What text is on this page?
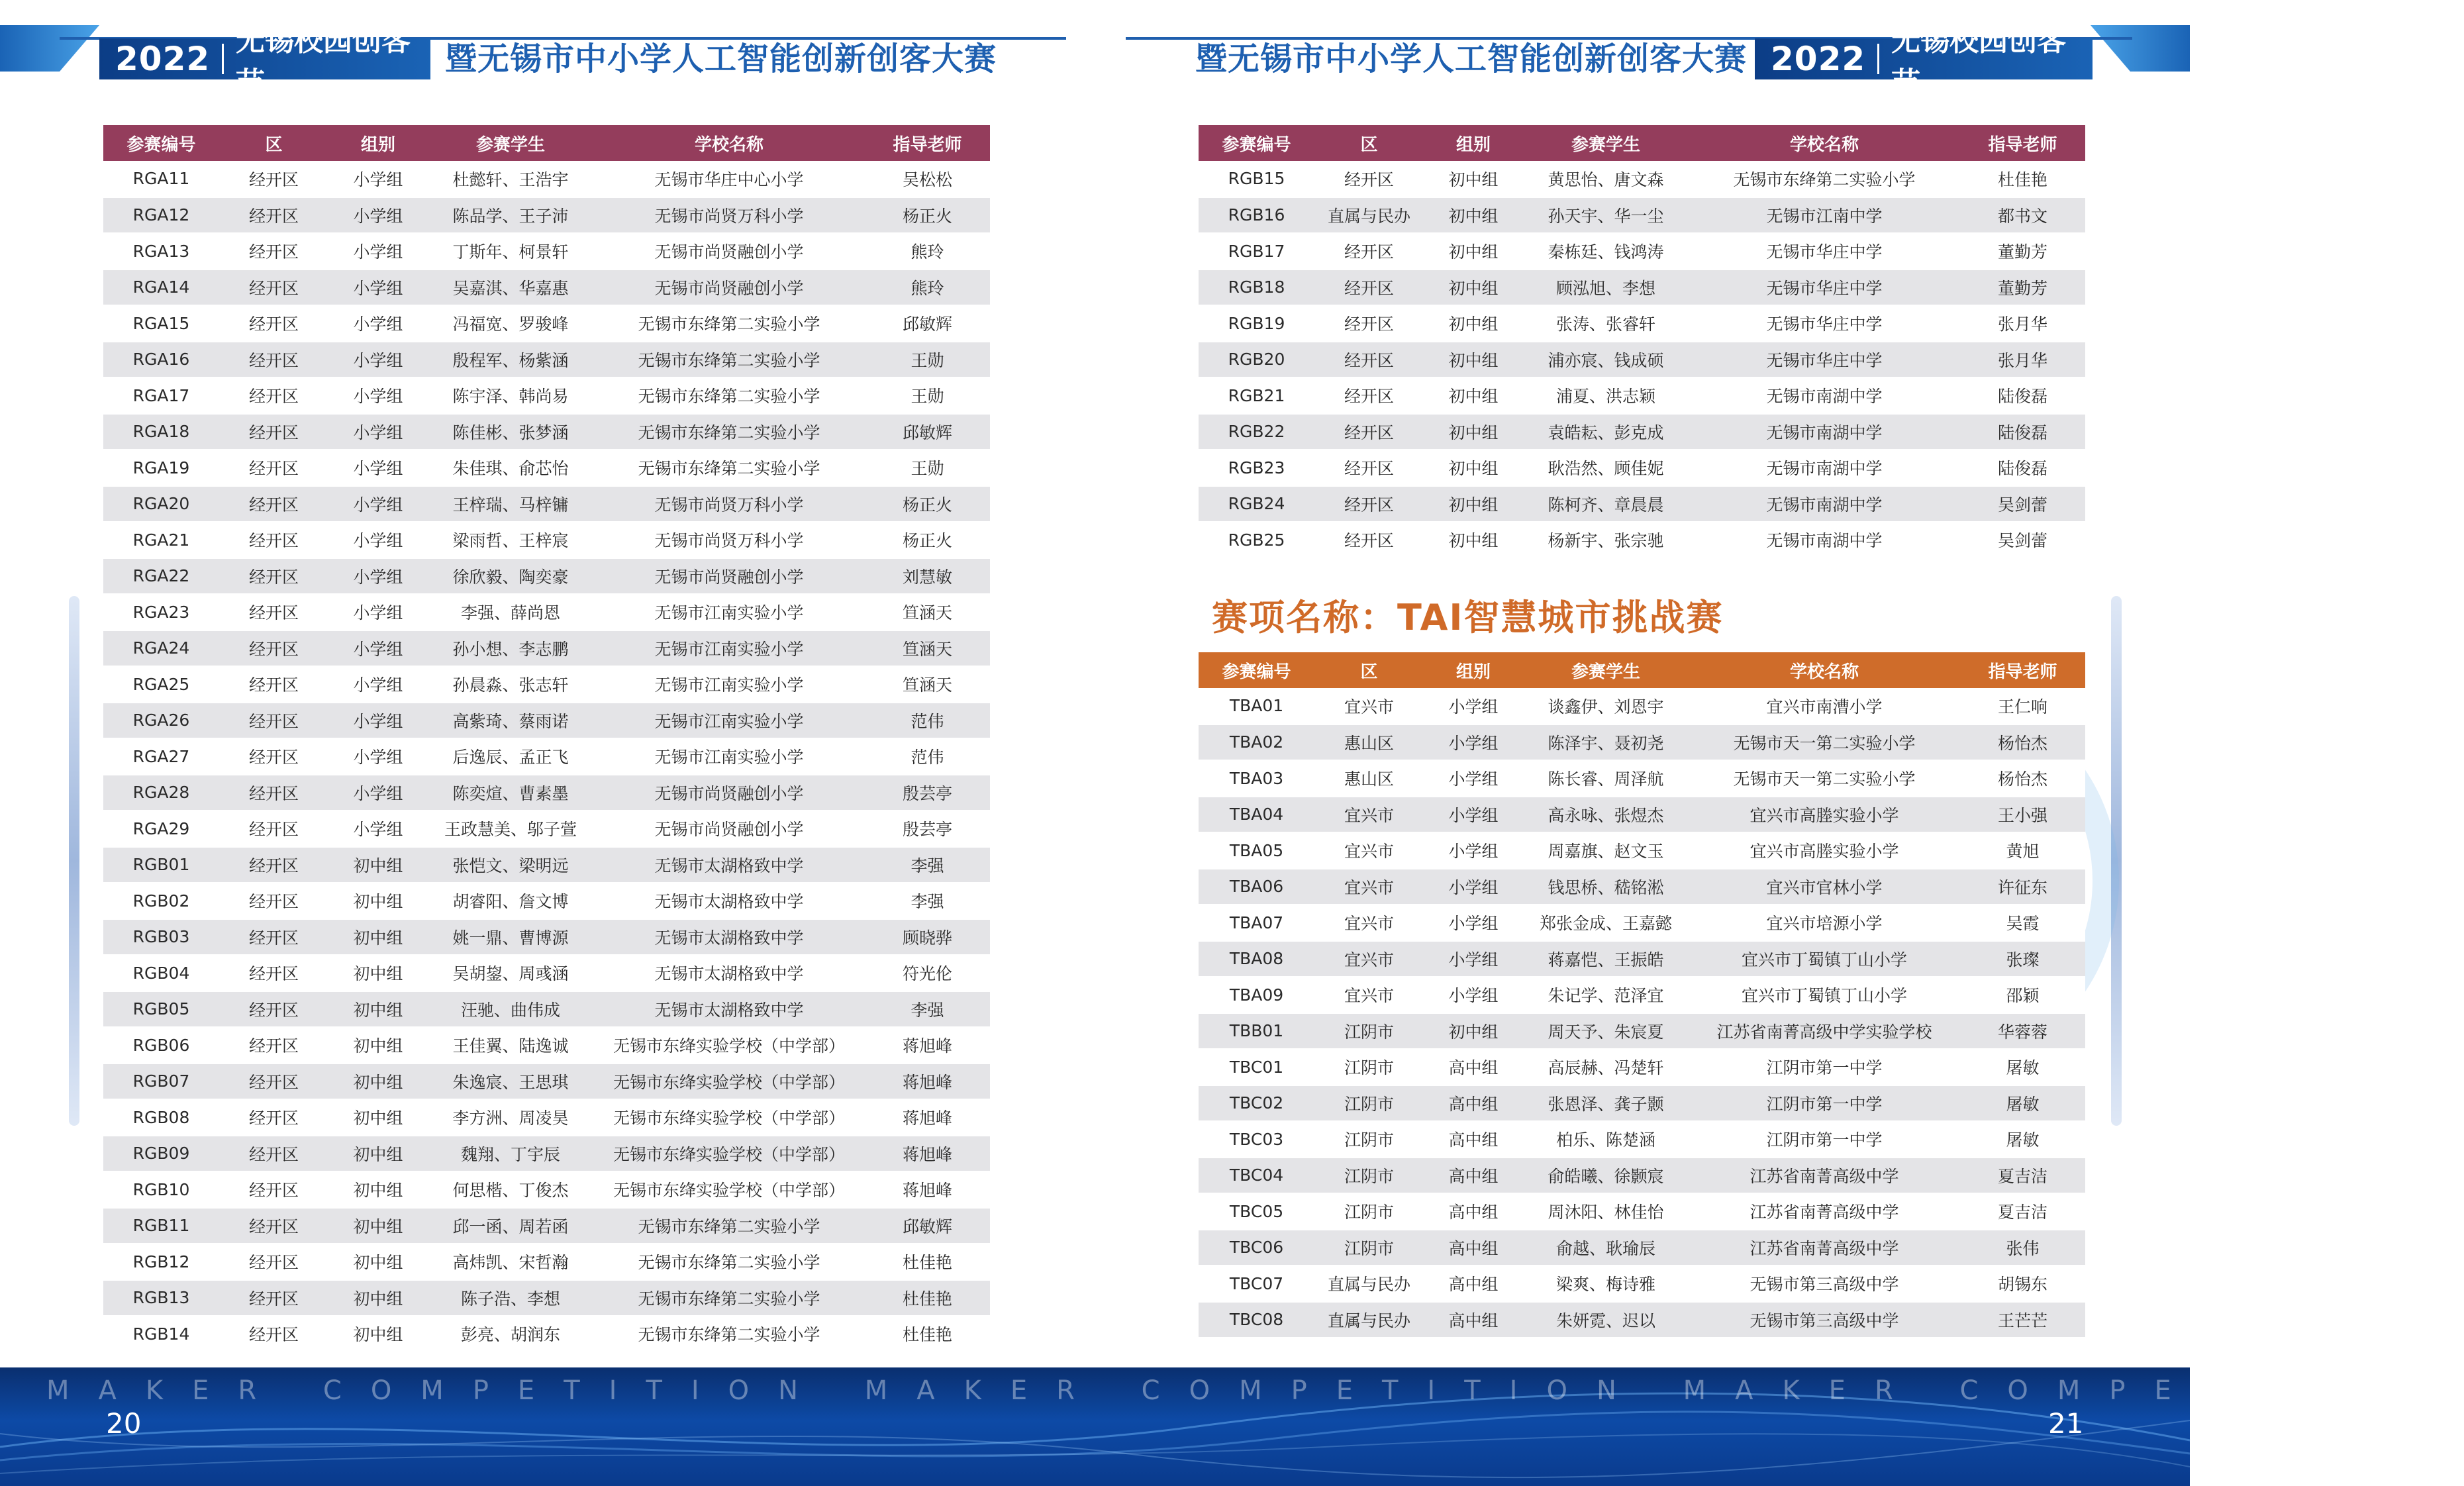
2022 无锡校园创客节
暨无锡市中小学人工智能创新创客大赛	暨无锡市中小学人工智能创新创客大赛 2022 无锡校园创客节
参赛编号	区	组别	参赛学生	学校名称	指导老师
RGA11	经开区	小学组	杜懿轩、王浩宇	无锡市华庄中心小学	吴松松
RGA12	经开区	小学组	陈品学、王子沛	无锡市尚贤万科小学	杨正火
RGA13	经开区	小学组	丁斯年、柯景轩	无锡市尚贤融创小学	熊玲
RGA14	经开区	小学组	吴嘉淇、华嘉惠	无锡市尚贤融创小学	熊玲
RGA15	经开区	小学组	冯福宽、罗骏峰	无锡市东绛第二实验小学	邱敏辉
RGA16	经开区	小学组	殷程军、杨紫涵	无锡市东绛第二实验小学	王勋
RGA17	经开区	小学组	陈宇泽、韩尚易	无锡市东绛第二实验小学	王勋
RGA18	经开区	小学组	陈佳彬、张梦涵	无锡市东绛第二实验小学	邱敏辉
RGA19	经开区	小学组	朱佳琪、俞芯怡	无锡市东绛第二实验小学	王勋
RGA20	经开区	小学组	王梓瑞、马梓镛	无锡市尚贤万科小学	杨正火
RGA21	经开区	小学组	梁雨哲、王梓宸	无锡市尚贤万科小学	杨正火
RGA22	经开区	小学组	徐欣毅、陶奕豪	无锡市尚贤融创小学	刘慧敏
RGA23	经开区	小学组	李强、薛尚恩	无锡市江南实验小学	笪涵天
RGA24	经开区	小学组	孙小想、李志鹏	无锡市江南实验小学	笪涵天
RGA25	经开区	小学组	孙晨淼、张志轩	无锡市江南实验小学	笪涵天
RGA26	经开区	小学组	高紫琦、蔡雨诺	无锡市江南实验小学	范伟
RGA27	经开区	小学组	后逸辰、孟正飞	无锡市江南实验小学	范伟
RGA28	经开区	小学组	陈奕煊、曹素墨	无锡市尚贤融创小学	殷芸亭
RGA29	经开区	小学组	王政慧美、邬子萱	无锡市尚贤融创小学	殷芸亭
RGB01	经开区	初中组	张恺文、梁明远	无锡市太湖格致中学	李强
RGB02	经开区	初中组	胡睿阳、詹文博	无锡市太湖格致中学	李强
RGB03	经开区	初中组	姚一鼎、曹博源	无锡市太湖格致中学	顾晓骅
RGB04	经开区	初中组	吴胡鋆、周彧涵	无锡市太湖格致中学	符光伦
RGB05	经开区	初中组	汪驰、曲伟成	无锡市太湖格致中学	李强
RGB06	经开区	初中组	王佳翼、陆逸诚	无锡市东绛实验学校（中学部）	蒋旭峰
RGB07	经开区	初中组	朱逸宸、王思琪	无锡市东绛实验学校（中学部）	蒋旭峰
RGB08	经开区	初中组	李方洲、周凌昊	无锡市东绛实验学校（中学部）	蒋旭峰
RGB09	经开区	初中组	魏翔、丁宇辰	无锡市东绛实验学校（中学部）	蒋旭峰
RGB10	经开区	初中组	何思楷、丁俊杰	无锡市东绛实验学校（中学部）	蒋旭峰
RGB11	经开区	初中组	邱一函、周若函	无锡市东绛第二实验小学	邱敏辉
RGB12	经开区	初中组	高炜凯、宋哲瀚	无锡市东绛第二实验小学	杜佳艳
RGB13	经开区	初中组	陈子浩、李想	无锡市东绛第二实验小学	杜佳艳
RGB14	经开区	初中组	彭亮、胡润东	无锡市东绛第二实验小学	杜佳艳
参赛编号	区	组别	参赛学生	学校名称	指导老师
RGB15	经开区	初中组	黄思怡、唐文森	无锡市东绛第二实验小学	杜佳艳
RGB16	直属与民办	初中组	孙天宇、华一尘	无锡市江南中学	都书文
RGB17	经开区	初中组	秦栋廷、钱鸿涛	无锡市华庄中学	董勤芳
RGB18	经开区	初中组	顾泓旭、李想	无锡市华庄中学	董勤芳
RGB19	经开区	初中组	张涛、张睿轩	无锡市华庄中学	张月华
RGB20	经开区	初中组	浦亦宸、钱成硕	无锡市华庄中学	张月华
RGB21	经开区	初中组	浦夏、洪志颖	无锡市南湖中学	陆俊磊
RGB22	经开区	初中组	袁皓耘、彭克成	无锡市南湖中学	陆俊磊
RGB23	经开区	初中组	耿浩然、顾佳妮	无锡市南湖中学	陆俊磊
RGB24	经开区	初中组	陈柯齐、章晨晨	无锡市南湖中学	吴剑蕾
RGB25	经开区	初中组	杨新宇、张宗驰	无锡市南湖中学	吴剑蕾
赛项名称：TAI智慧城市挑战赛
参赛编号	区	组别	参赛学生	学校名称	指导老师
TBA01	宜兴市	小学组	谈鑫伊、刘恩宇	宜兴市南漕小学	王仁响
TBA02	惠山区	小学组	陈泽宇、聂初尧	无锡市天一第二实验小学	杨怡杰
TBA03	惠山区	小学组	陈长睿、周泽航	无锡市天一第二实验小学	杨怡杰
TBA04	宜兴市	小学组	高永咏、张煜杰	宜兴市高塍实验小学	王小强
TBA05	宜兴市	小学组	周嘉旗、赵文玉	宜兴市高塍实验小学	黄旭
TBA06	宜兴市	小学组	钱思桥、嵇铭淞	宜兴市官林小学	许征东
TBA07	宜兴市	小学组	郑张金成、王嘉懿	宜兴市培源小学	吴霞
TBA08	宜兴市	小学组	蒋嘉恺、王振皓	宜兴市丁蜀镇丁山小学	张璨
TBA09	宜兴市	小学组	朱记学、范泽宜	宜兴市丁蜀镇丁山小学	邵颖
TBB01	江阴市	初中组	周天予、朱宸夏	江苏省南菁高级中学实验学校	华蓉蓉
TBC01	江阴市	高中组	高辰赫、冯楚轩	江阴市第一中学	屠敏
TBC02	江阴市	高中组	张恩泽、龚子颢	江阴市第一中学	屠敏
TBC03	江阴市	高中组	柏乐、陈楚涵	江阴市第一中学	屠敏
TBC04	江阴市	高中组	俞皓曦、徐颢宸	江苏省南菁高级中学	夏吉洁
TBC05	江阴市	高中组	周沐阳、林佳怡	江苏省南菁高级中学	夏吉洁
TBC06	江阴市	高中组	俞越、耿瑜辰	江苏省南菁高级中学	张伟
TBC07	直属与民办	高中组	梁爽、梅诗雅	无锡市第三高级中学	胡锡东
TBC08	直属与民办	高中组	朱妍霓、迟以	无锡市第三高级中学	王芒芒
MAKER COMPETITION MAKER COMPETITION MAKER COMPETITION
20	21
